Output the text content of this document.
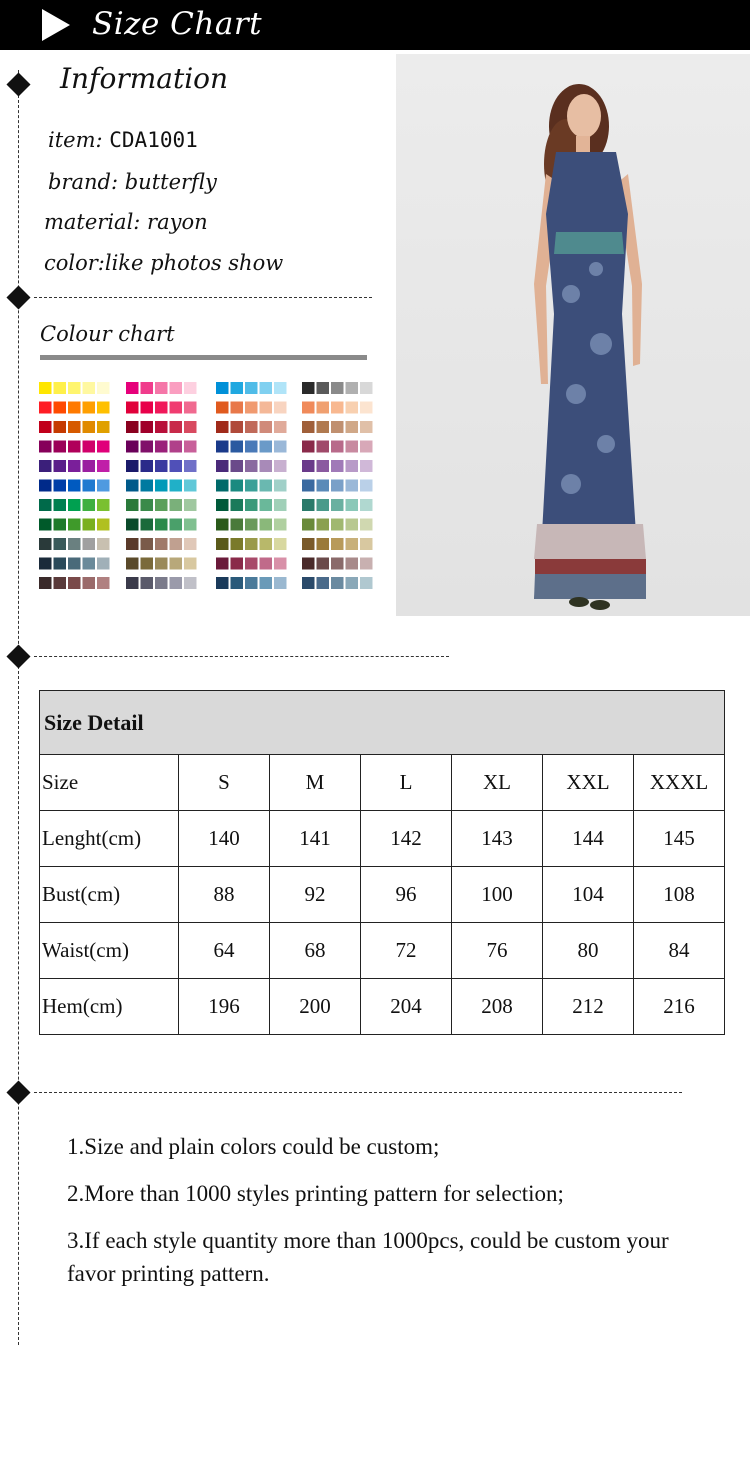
Size Chart
Information
item: CDA1001
brand: butterfly
material: rayon
color:like photos show
Colour chart
Size Detail						
Size	S	M	L	XL	XXL	XXXL
Lenght(cm)	140	141	142	143	144	145
Bust(cm)	88	92	96	100	104	108
Waist(cm)	64	68	72	76	80	84
Hem(cm)	196	200	204	208	212	216

1.Size and plain colors could be custom;

2.More than 1000 styles printing pattern for selection;

3.If each style quantity more than 1000pcs, could be custom your favor printing pattern.
